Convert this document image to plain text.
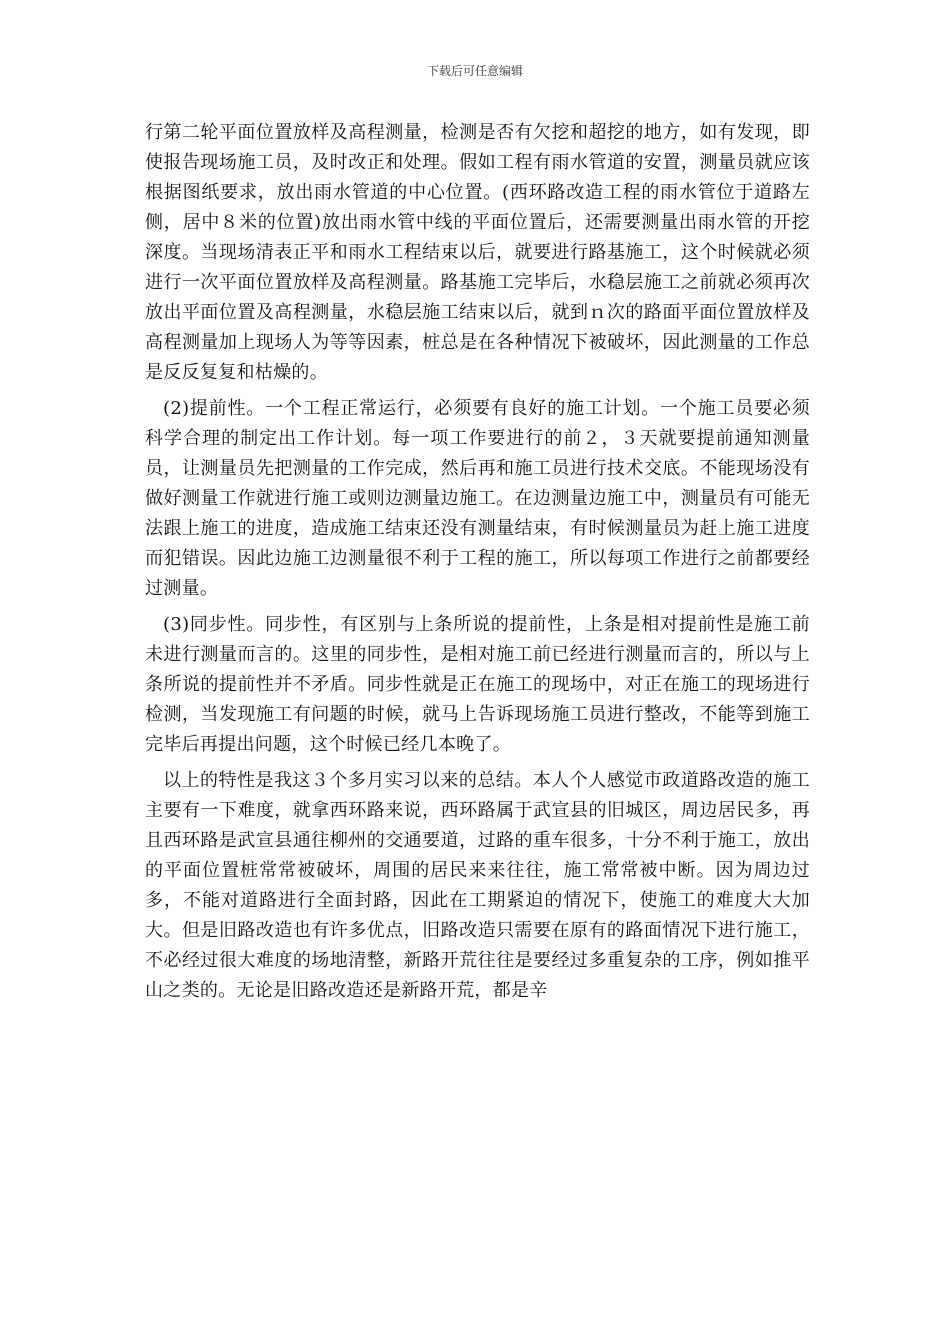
下载后可任意编辑

行第二轮平面位置放样及高程测量，检测是否有欠挖和超挖的地方，如有发现，即使报告现场施工员，及时改正和处理。假如工程有雨水管道的安置，测量员就应该根据图纸要求，放出雨水管道的中心位置。(西环路改造工程的雨水管位于道路左侧，居中８米的位置)放出雨水管中线的平面位置后，还需要测量出雨水管的开挖深度。当现场清表正平和雨水工程结束以后，就要进行路基施工，这个时候就必须进行一次平面位置放样及高程测量。路基施工完毕后，水稳层施工之前就必须再次放出平面位置及高程测量，水稳层施工结束以后，就到ｎ次的路面平面位置放样及高程测量加上现场人为等等因素，桩总是在各种情况下被破坏，因此测量的工作总是反反复复和枯燥的。

(2)提前性。一个工程正常运行，必须要有良好的施工计划。一个施工员要必须科学合理的制定出工作计划。每一项工作要进行的前２，３天就要提前通知测量员，让测量员先把测量的工作完成，然后再和施工员进行技术交底。不能现场没有做好测量工作就进行施工或则边测量边施工。在边测量边施工中，测量员有可能无法跟上施工的进度，造成施工结束还没有测量结束，有时候测量员为赶上施工进度而犯错误。因此边施工边测量很不利于工程的施工，所以每项工作进行之前都要经过测量。

(3)同步性。同步性，有区别与上条所说的提前性，上条是相对提前性是施工前未进行测量而言的。这里的同步性，是相对施工前已经进行测量而言的，所以与上条所说的提前性并不矛盾。同步性就是正在施工的现场中，对正在施工的现场进行检测，当发现施工有问题的时候，就马上告诉现场施工员进行整改，不能等到施工完毕后再提出问题，这个时候已经几本晚了。

以上的特性是我这３个多月实习以来的总结。本人个人感觉市政道路改造的施工主要有一下难度，就拿西环路来说，西环路属于武宣县的旧城区，周边居民多，再且西环路是武宣县通往柳州的交通要道，过路的重车很多，十分不利于施工，放出的平面位置桩常常被破坏，周围的居民来来往往，施工常常被中断。因为周边过多，不能对道路进行全面封路，因此在工期紧迫的情况下，使施工的难度大大加大。但是旧路改造也有许多优点，旧路改造只需要在原有的路面情况下进行施工，不必经过很大难度的场地清整，新路开荒往往是要经过多重复杂的工序，例如推平山之类的。无论是旧路改造还是新路开荒，都是辛
